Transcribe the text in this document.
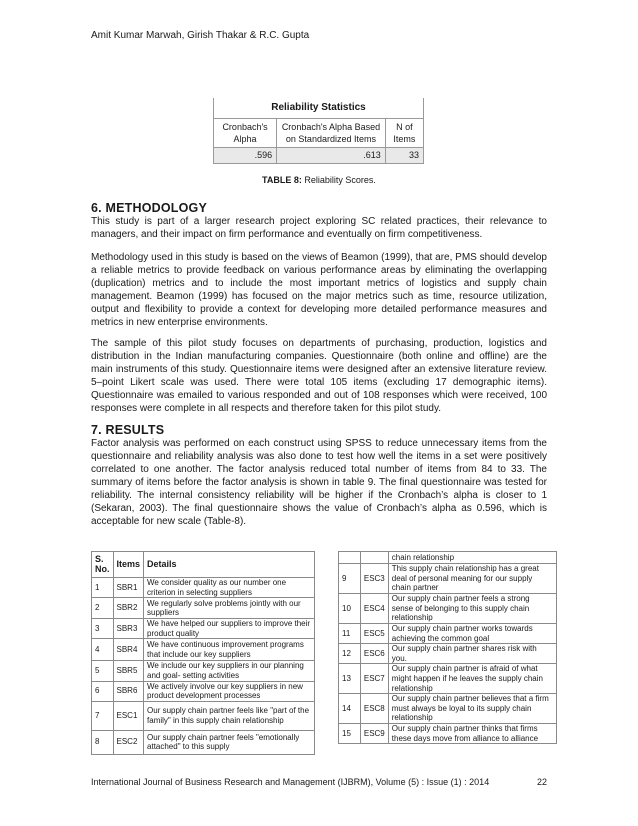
Amit Kumar Marwah, Girish Thakar & R.C. Gupta
Reliability Statistics
Cronbach's Alpha	Cronbach's Alpha Based on Standardized Items	N of Items
.596	.613	33
TABLE 8: Reliability Scores.
6. METHODOLOGY

This study is part of a larger research project exploring SC related practices, their relevance to managers, and their impact on firm performance and eventually on firm competitiveness.

Methodology used in this study is based on the views of Beamon (1999), that are, PMS should develop a reliable metrics to provide feedback on various performance areas by eliminating the overlapping (duplication) metrics and to include the most important metrics of logistics and supply chain management. Beamon (1999) has focused on the major metrics such as time, resource utilization, output and flexibility to provide a context for developing more detailed performance measures and metrics in new enterprise environments.

The sample of this pilot study focuses on departments of purchasing, production, logistics and distribution in the Indian manufacturing companies. Questionnaire (both online and offline) are the main instruments of this study. Questionnaire items were designed after an extensive literature review. 5–point Likert scale was used. There were total 105 items (excluding 17 demographic items). Questionnaire was emailed to various responded and out of 108 responses which were received, 100 responses were complete in all respects and therefore taken for this pilot study.

7. RESULTS

Factor analysis was performed on each construct using SPSS to reduce unnecessary items from the questionnaire and reliability analysis was also done to test how well the items in a set were positively correlated to one another. The factor analysis reduced total number of items from 84 to 33. The summary of items before the factor analysis is shown in table 9. The final questionnaire was tested for reliability. The internal consistency reliability will be higher if the Cronbach’s alpha is closer to 1 (Sekaran, 2003). The final questionnaire shows the value of Cronbach’s alpha as 0.596, which is acceptable for new scale (Table-8).

S. No.	Items	Details
1	SBR1	We consider quality as our number one criterion in selecting suppliers
2	SBR2	We regularly solve problems jointly with our suppliers
3	SBR3	We have helped our suppliers to improve their product quality
4	SBR4	We have continuous improvement programs that include our key suppliers
5	SBR5	We include our key suppliers in our planning and goal- setting activities
6	SBR6	We actively involve our key suppliers in new product development processes
7	ESC1	Our supply chain partner feels like "part of the family" in this supply chain relationship
8	ESC2	Our supply chain partner feels "emotionally attached" to this supply
		chain relationship
9	ESC3	This supply chain relationship has a great deal of personal meaning for our supply chain partner
10	ESC4	Our supply chain partner feels a strong sense of belonging to this supply chain relationship
11	ESC5	Our supply chain partner works towards achieving the common goal
12	ESC6	Our supply chain partner shares risk with you.
13	ESC7	Our supply chain partner is afraid of what might happen if he leaves the supply chain relationship
14	ESC8	Our supply chain partner believes that a firm must always be loyal to its supply chain relationship
15	ESC9	Our supply chain partner thinks that firms these days move from alliance to alliance
International Journal of Business Research and Management (IJBRM), Volume (5) : Issue (1) : 2014	22
